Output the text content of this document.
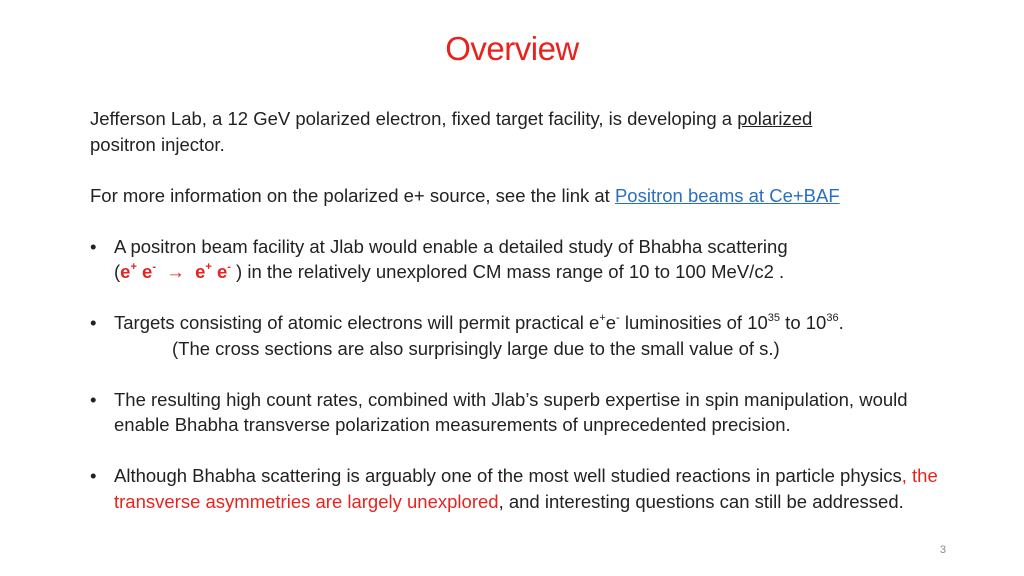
Overview

Jefferson Lab, a 12 GeV polarized electron, fixed target facility, is developing a polarized
positron injector.

For more information on the polarized e+ source, see the link at Positron beams at Ce+BAF

• A positron beam facility at Jlab would enable a detailed study of Bhabha scattering
(e+ e- → e+ e- ) in the relatively unexplored CM mass range of 10 to 100 MeV/c2 .
• Targets consisting of atomic electrons will permit practical e+e- luminosities of $10^{35}$ to $10^{36}$.
(The cross sections are also surprisingly large due to the small value of s.)
• The resulting high count rates, combined with Jlab’s superb expertise in spin manipulation, would enable Bhabha transverse polarization measurements of unprecedented precision.
• Although Bhabha scattering is arguably one of the most well studied reactions in particle physics, the transverse asymmetries are largely unexplored, and interesting questions can still be addressed.
3
